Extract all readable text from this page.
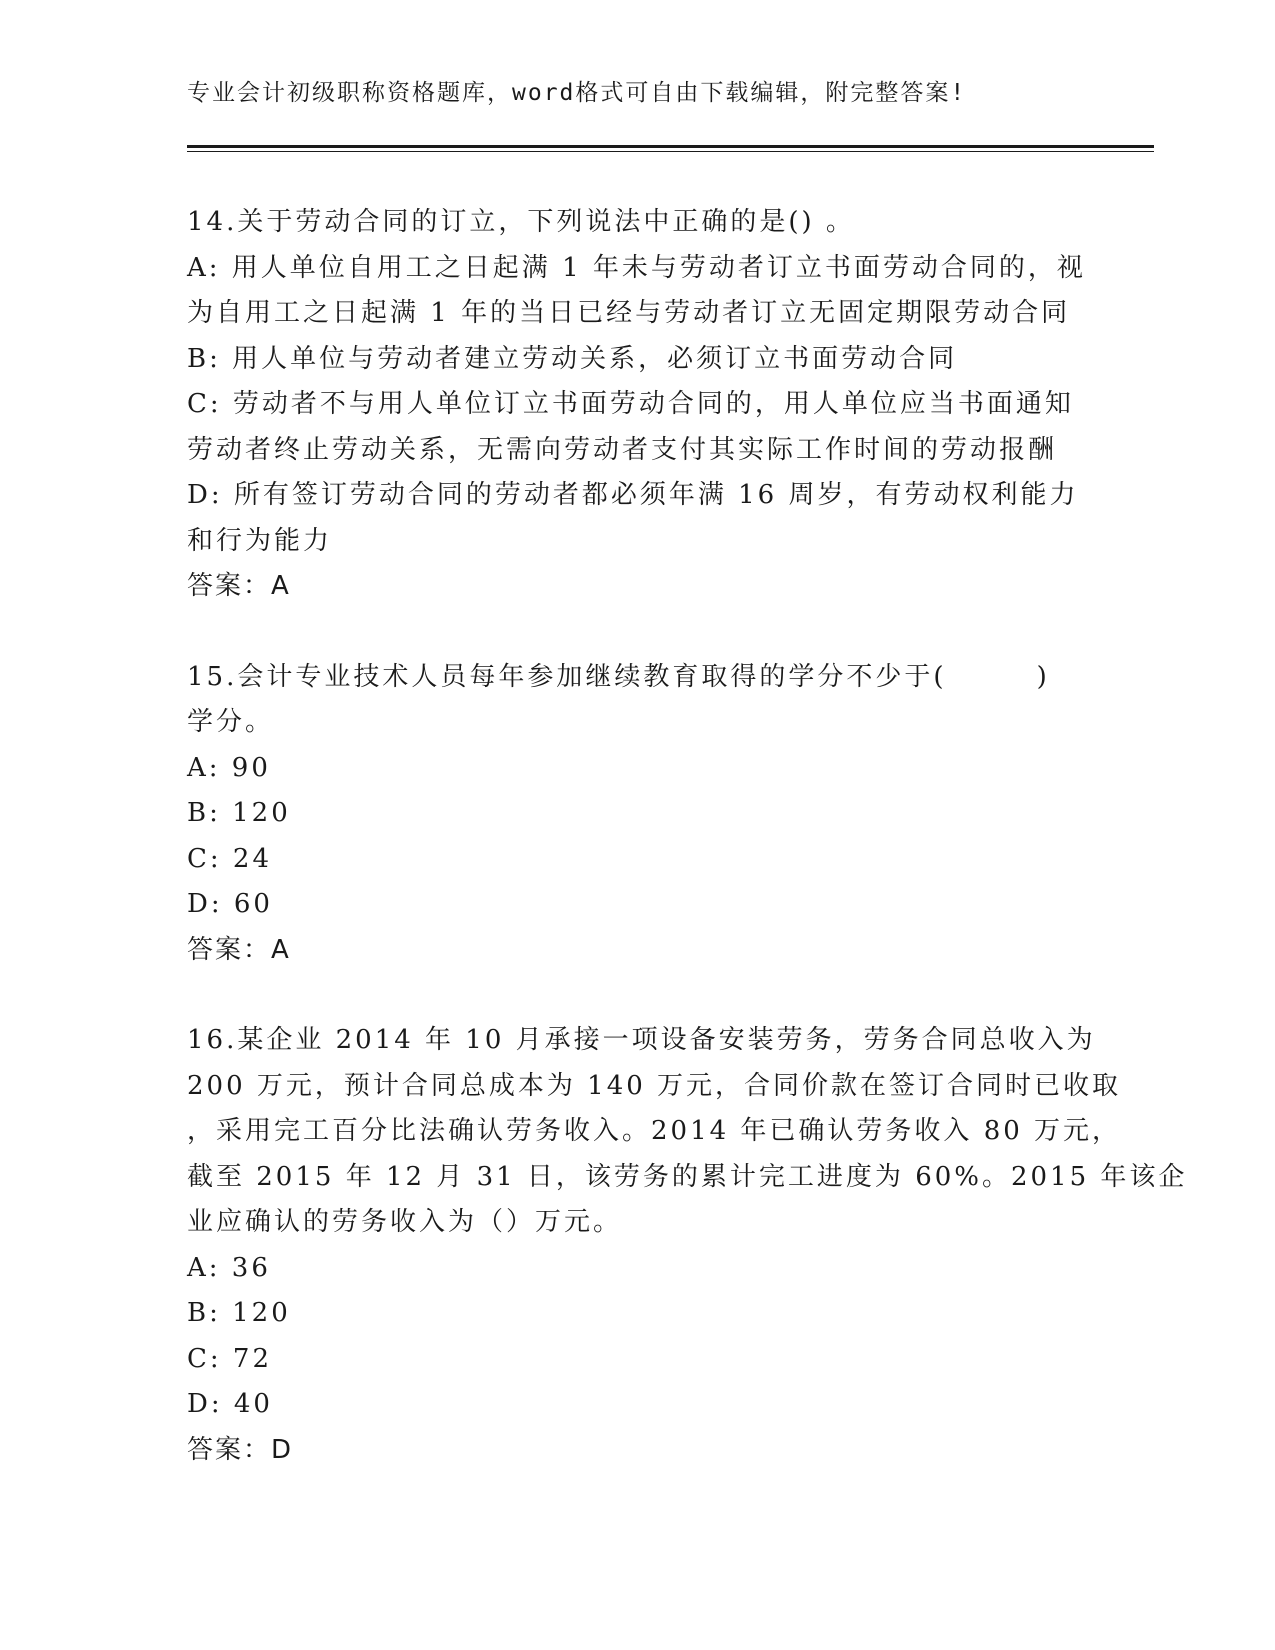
专业会计初级职称资格题库，word格式可自由下载编辑，附完整答案!
14.关于劳动合同的订立，下列说法中正确的是() 。
A: 用人单位自用工之日起满 1 年未与劳动者订立书面劳动合同的，视
为自用工之日起满 1 年的当日已经与劳动者订立无固定期限劳动合同
B: 用人单位与劳动者建立劳动关系，必须订立书面劳动合同
C: 劳动者不与用人单位订立书面劳动合同的，用人单位应当书面通知
劳动者终止劳动关系，无需向劳动者支付其实际工作时间的劳动报酬
D: 所有签订劳动合同的劳动者都必须年满 16 周岁，有劳动权利能力
和行为能力
答案：A
15.会计专业技术人员每年参加继续教育取得的学分不少于(        )
学分。
A: 90
B: 120
C: 24
D: 60
答案：A
16.某企业 2014 年 10 月承接一项设备安装劳务，劳务合同总收入为
200 万元，预计合同总成本为 140 万元，合同价款在签订合同时已收取
，采用完工百分比法确认劳务收入。2014 年已确认劳务收入 80 万元，
截至 2015 年 12 月 31 日，该劳务的累计完工进度为 60%。2015 年该企
业应确认的劳务收入为（）万元。
A: 36
B: 120
C: 72
D: 40
答案：D
